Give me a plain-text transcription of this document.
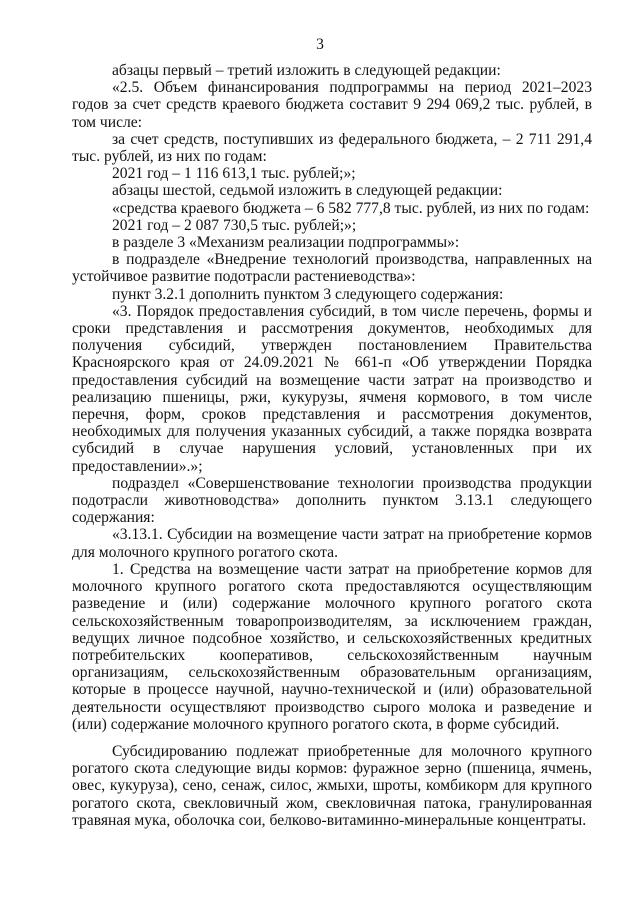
3

абзацы первый – третий изложить в следующей редакции:

«2.5. Объем финансирования подпрограммы на период 2021–2023 годов за счет средств краевого бюджета составит 9 294 069,2 тыс. рублей, в том числе:

за счет средств, поступивших из федерального бюджета, – 2 711 291,4 тыс. рублей, из них по годам:

2021 год – 1 116 613,1 тыс. рублей;»;

абзацы шестой, седьмой изложить в следующей редакции:

«средства краевого бюджета – 6 582 777,8 тыс. рублей, из них по годам:

2021 год – 2 087 730,5 тыс. рублей;»;

в разделе 3 «Механизм реализации подпрограммы»:

в подразделе «Внедрение технологий производства, направленных на устойчивое развитие подотрасли растениеводства»:

пункт 3.2.1 дополнить пунктом 3 следующего содержания:

«3. Порядок предоставления субсидий, в том числе перечень, формы и сроки представления и рассмотрения документов, необходимых для получения субсидий, утвержден постановлением Правительства Красноярского края от 24.09.2021 № 661-п «Об утверждении Порядка предоставления субсидий на возмещение части затрат на производство и реализацию пшеницы, ржи, кукурузы, ячменя кормового, в том числе перечня, форм, сроков представления и рассмотрения документов, необходимых для получения указанных субсидий, а также порядка возврата субсидий в случае нарушения условий, установленных при их предоставлении».»;

подраздел «Совершенствование технологии производства продукции подотрасли животноводства» дополнить пунктом 3.13.1 следующего содержания:

«3.13.1. Субсидии на возмещение части затрат на приобретение кормов для молочного крупного рогатого скота.

1. Средства на возмещение части затрат на приобретение кормов для молочного крупного рогатого скота предоставляются осуществляющим разведение и (или) содержание молочного крупного рогатого скота сельскохозяйственным товаропроизводителям, за исключением граждан, ведущих личное подсобное хозяйство, и сельскохозяйственных кредитных потребительских кооперативов, сельскохозяйственным научным организациям, сельскохозяйственным образовательным организациям, которые в процессе научной, научно-технической и (или) образовательной деятельности осуществляют производство сырого молока и разведение и (или) содержание молочного крупного рогатого скота, в форме субсидий.

Субсидированию подлежат приобретенные для молочного крупного рогатого скота следующие виды кормов: фуражное зерно (пшеница, ячмень, овес, кукуруза), сено, сенаж, силос, жмыхи, шроты, комбикорм для крупного рогатого скота, свекловичный жом, свекловичная патока, гранулированная травяная мука, оболочка сои, белково-витаминно-минеральные концентраты.
